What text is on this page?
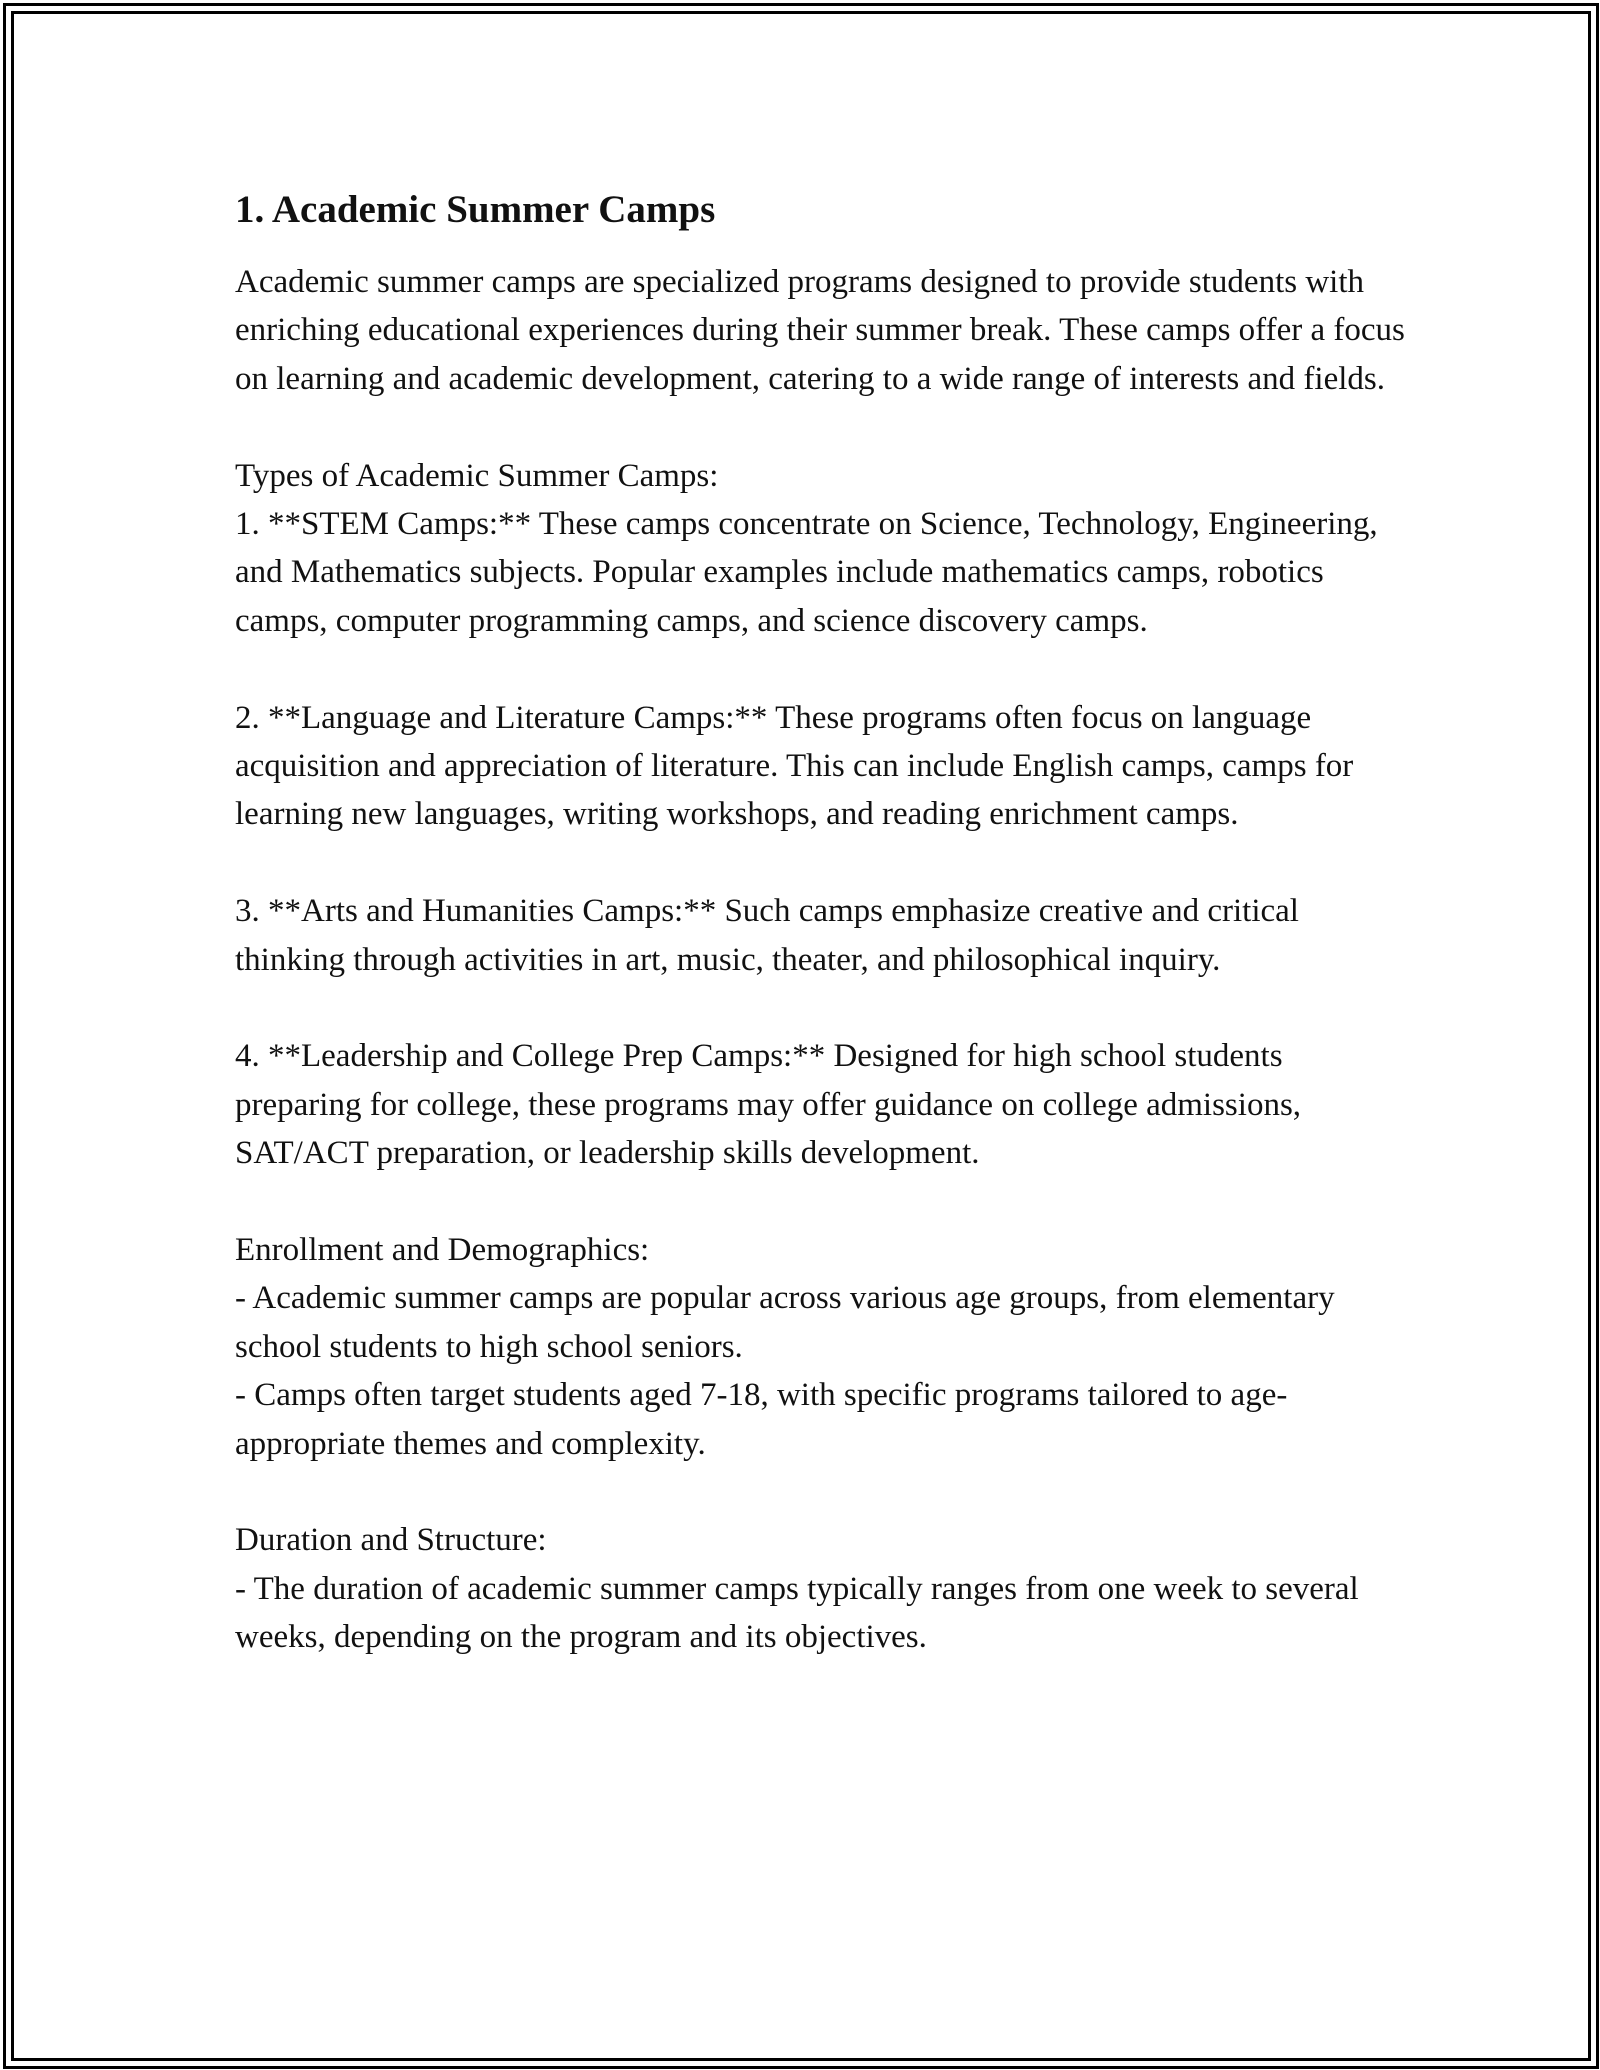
1. Academic Summer Camps

Academic summer camps are specialized programs designed to provide students with enriching educational experiences during their summer break. These camps offer a focus on learning and academic development, catering to a wide range of interests and fields.

Types of Academic Summer Camps:

1. **STEM Camps:** These camps concentrate on Science, Technology, Engineering, and Mathematics subjects. Popular examples include mathematics camps, robotics camps, computer programming camps, and science discovery camps.

2. **Language and Literature Camps:** These programs often focus on language acquisition and appreciation of literature. This can include English camps, camps for learning new languages, writing workshops, and reading enrichment camps.

3. **Arts and Humanities Camps:** Such camps emphasize creative and critical thinking through activities in art, music, theater, and philosophical inquiry.

4. **Leadership and College Prep Camps:** Designed for high school students preparing for college, these programs may offer guidance on college admissions, SAT/ACT preparation, or leadership skills development.

Enrollment and Demographics:

- Academic summer camps are popular across various age groups, from elementary school students to high school seniors.

- Camps often target students aged 7-18, with specific programs tailored to age-appropriate themes and complexity.

Duration and Structure:

- The duration of academic summer camps typically ranges from one week to several weeks, depending on the program and its objectives.
